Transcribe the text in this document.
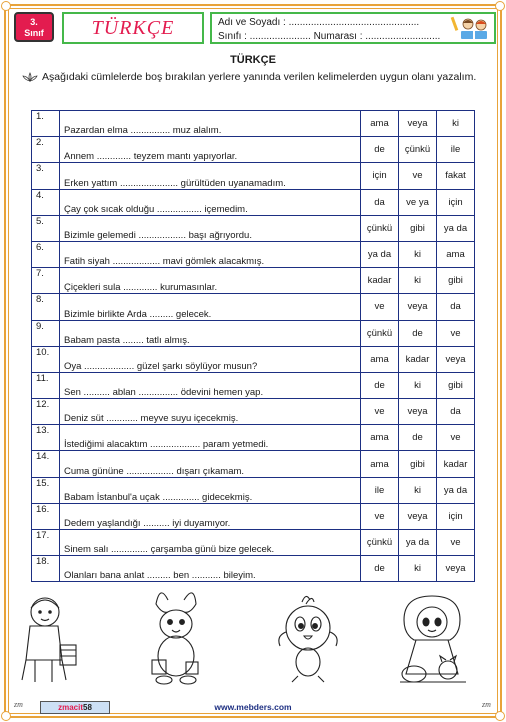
3.
Sınıf	TÜRKÇE	Adı ve Soyadı : ...............................................
Sınıfı : ...................... Numarası : ...........................
TÜRKÇE
Aşağıdaki cümlelerde boş bırakılan yerlere yanında verilen kelimelerden uygun olanı yazalım.
1.	Pazardan elma ............... muz alalım.	ama	veya	ki
2.	Annem ............. teyzem mantı yapıyorlar.	de	çünkü	ile
3.	Erken yattım ...................... gürültüden uyanamadım.	için	ve	fakat
4.	Çay çok sıcak olduğu ................. içemedim.	da	ve ya	için
5.	Bizimle gelemedi .................. başı ağrıyordu.	çünkü	gibi	ya da
6.	Fatih siyah .................. mavi gömlek alacakmış.	ya da	ki	ama
7.	Çiçekleri sula ............. kurumasınlar.	kadar	ki	gibi
8.	Bizimle birlikte Arda ......... gelecek.	ve	veya	da
9.	Babam pasta ........ tatlı almış.	çünkü	de	ve
10.	Oya ................... güzel şarkı söylüyor musun?	ama	kadar	veya
11.	Sen .......... ablan ............... ödevini hemen yap.	de	ki	gibi
12.	Deniz süt ............ meyve suyu içecekmiş.	ve	veya	da
13.	İstediğimi alacaktım ................... param yetmedi.	ama	de	ve
14.	Cuma gününe .................. dışarı çıkamam.	ama	gibi	kadar
15.	Babam İstanbul'a uçak .............. gidecekmiş.	ile	ki	ya da
16.	Dedem yaşlandığı .......... iyi duyamıyor.	ve	veya	için
17.	Sinem salı .............. çarşamba günü bize gelecek.	çünkü	ya da	ve
18.	Olanları bana anlat ......... ben ........... bileyim.	de	ki	veya
zm	zm
zmacit58	www.mebders.com
